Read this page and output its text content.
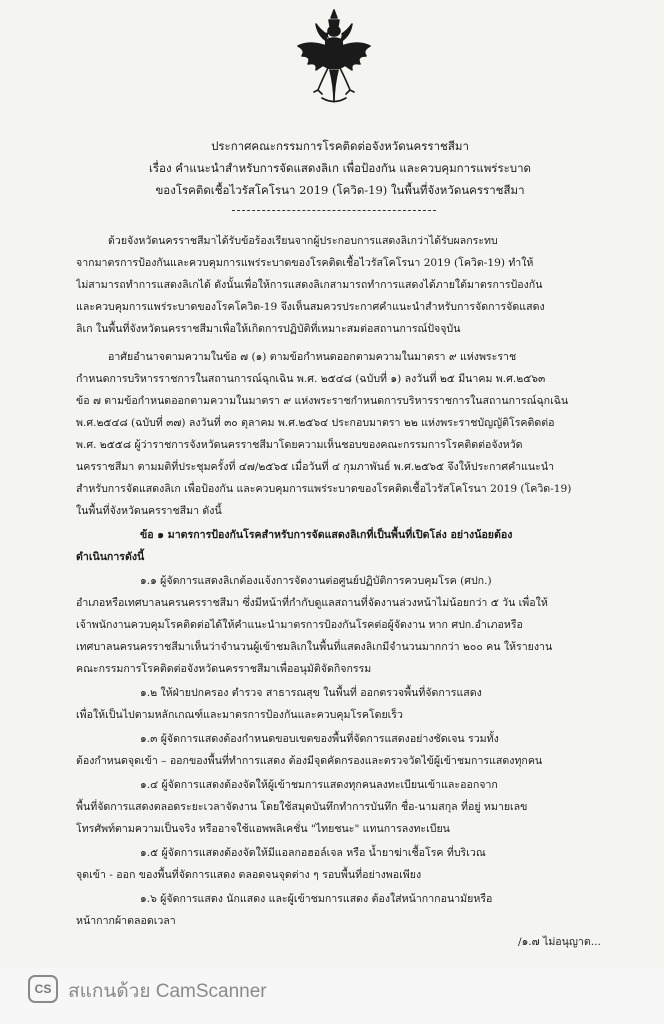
ประกาศคณะกรรมการโรคติดต่อจังหวัดนครราชสีมา
เรื่อง คำแนะนำสำหรับการจัดแสดงลิเก เพื่อป้องกัน และควบคุมการแพร่ระบาด
ของโรคติดเชื้อไวรัสโคโรนา 2019 (โควิด-19) ในพื้นที่จังหวัดนครราชสีมา
ด้วยจังหวัดนครราชสีมาได้รับข้อร้องเรียนจากผู้ประกอบการแสดงลิเกว่าได้รับผลกระทบ
จากมาตรการป้องกันและควบคุมการแพร่ระบาดของโรคติดเชื้อไวรัสโคโรนา 2019 (โควิด-19) ทำให้
ไม่สามารถทำการแสดงลิเกได้ ดังนั้นเพื่อให้การแสดงลิเกสามารถทำการแสดงได้ภายใต้มาตรการป้องกัน
และควบคุมการแพร่ระบาดของโรคโควิด-19 จึงเห็นสมควรประกาศคำแนะนำสำหรับการจัดการจัดแสดง
ลิเก ในพื้นที่จังหวัดนครราชสีมาเพื่อให้เกิดการปฏิบัติที่เหมาะสมต่อสถานการณ์ปัจจุบัน
อาศัยอำนาจตามความในข้อ ๗ (๑) ตามข้อกำหนดออกตามความในมาตรา ๙ แห่งพระราช
กำหนดการบริหารราชการในสถานการณ์ฉุกเฉิน พ.ศ. ๒๕๔๘ (ฉบับที่ ๑) ลงวันที่ ๒๕ มีนาคม พ.ศ.๒๕๖๓
ข้อ ๗ ตามข้อกำหนดออกตามความในมาตรา ๙ แห่งพระราชกำหนดการบริหารราชการในสถานการณ์ฉุกเฉิน
พ.ศ.๒๕๔๘ (ฉบับที่ ๓๗) ลงวันที่ ๓๐ ตุลาคม พ.ศ.๒๕๖๔ ประกอบมาตรา ๒๒ แห่งพระราชบัญญัติโรคติดต่อ
พ.ศ. ๒๕๕๘ ผู้ว่าราชการจังหวัดนครราชสีมาโดยความเห็นชอบของคณะกรรมการโรคติดต่อจังหวัด
นครราชสีมา ตามมติที่ประชุมครั้งที่ ๔๗/๒๕๖๕ เมื่อวันที่ ๔ กุมภาพันธ์ พ.ศ.๒๕๖๕ จึงให้ประกาศคำแนะนำ
สำหรับการจัดแสดงลิเก เพื่อป้องกัน และควบคุมการแพร่ระบาดของโรคติดเชื้อไวรัสโคโรนา 2019 (โควิด-19)
ในพื้นที่จังหวัดนครราชสีมา ดังนี้
ข้อ ๑ มาตรการป้องกันโรคสำหรับการจัดแสดงลิเกที่เป็นพื้นที่เปิดโล่ง อย่างน้อยต้อง
ดำเนินการดังนี้
๑.๑ ผู้จัดการแสดงลิเกต้องแจ้งการจัดงานต่อศูนย์ปฏิบัติการควบคุมโรค (ศปก.)
อำเภอหรือเทศบาลนครนครราชสีมา ซึ่งมีหน้าที่กำกับดูแลสถานที่จัดงานล่วงหน้าไม่น้อยกว่า ๕ วัน เพื่อให้
เจ้าพนักงานควบคุมโรคติดต่อได้ให้คำแนะนำมาตรการป้องกันโรคต่อผู้จัดงาน หาก ศปก.อำเภอหรือ
เทศบาลนครนครราชสีมาเห็นว่าจำนวนผู้เข้าชมลิเกในพื้นที่แสดงลิเกมีจำนวนมากกว่า ๒๐๐ คน ให้รายงาน
คณะกรรมการโรคติดต่อจังหวัดนครราชสีมาเพื่ออนุมัติจัดกิจกรรม
๑.๒ ให้ฝ่ายปกครอง ตำรวจ สาธารณสุข ในพื้นที่ ออกตรวจพื้นที่จัดการแสดง
เพื่อให้เป็นไปตามหลักเกณฑ์และมาตรการป้องกันและควบคุมโรคโดยเร็ว
๑.๓ ผู้จัดการแสดงต้องกำหนดขอบเขตของพื้นที่จัดการแสดงอย่างชัดเจน รวมทั้ง
ต้องกำหนดจุดเข้า – ออกของพื้นที่ทำการแสดง ต้องมีจุดคัดกรองและตรวจวัดไข้ผู้เข้าชมการแสดงทุกคน
๑.๔ ผู้จัดการแสดงต้องจัดให้ผู้เข้าชมการแสดงทุกคนลงทะเบียนเข้าและออกจาก
พื้นที่จัดการแสดงตลอดระยะเวลาจัดงาน โดยใช้สมุดบันทึกทำการบันทึก ชื่อ-นามสกุล ที่อยู่ หมายเลข
โทรศัพท์ตามความเป็นจริง หรืออาจใช้แอพพลิเคชั่น "ไทยชนะ" แทนการลงทะเบียน
๑.๕ ผู้จัดการแสดงต้องจัดให้มีแอลกอฮอล์เจล หรือ น้ำยาฆ่าเชื้อโรค ที่บริเวณ
จุดเข้า - ออก ของพื้นที่จัดการแสดง ตลอดจนจุดต่าง ๆ รอบพื้นที่อย่างพอเพียง
๑.๖ ผู้จัดการแสดง นักแสดง และผู้เข้าชมการแสดง ต้องใส่หน้ากากอนามัยหรือ
หน้ากากผ้าตลอดเวลา
/๑.๗ ไม่อนุญาต...
CS สแกนด้วย CamScanner
